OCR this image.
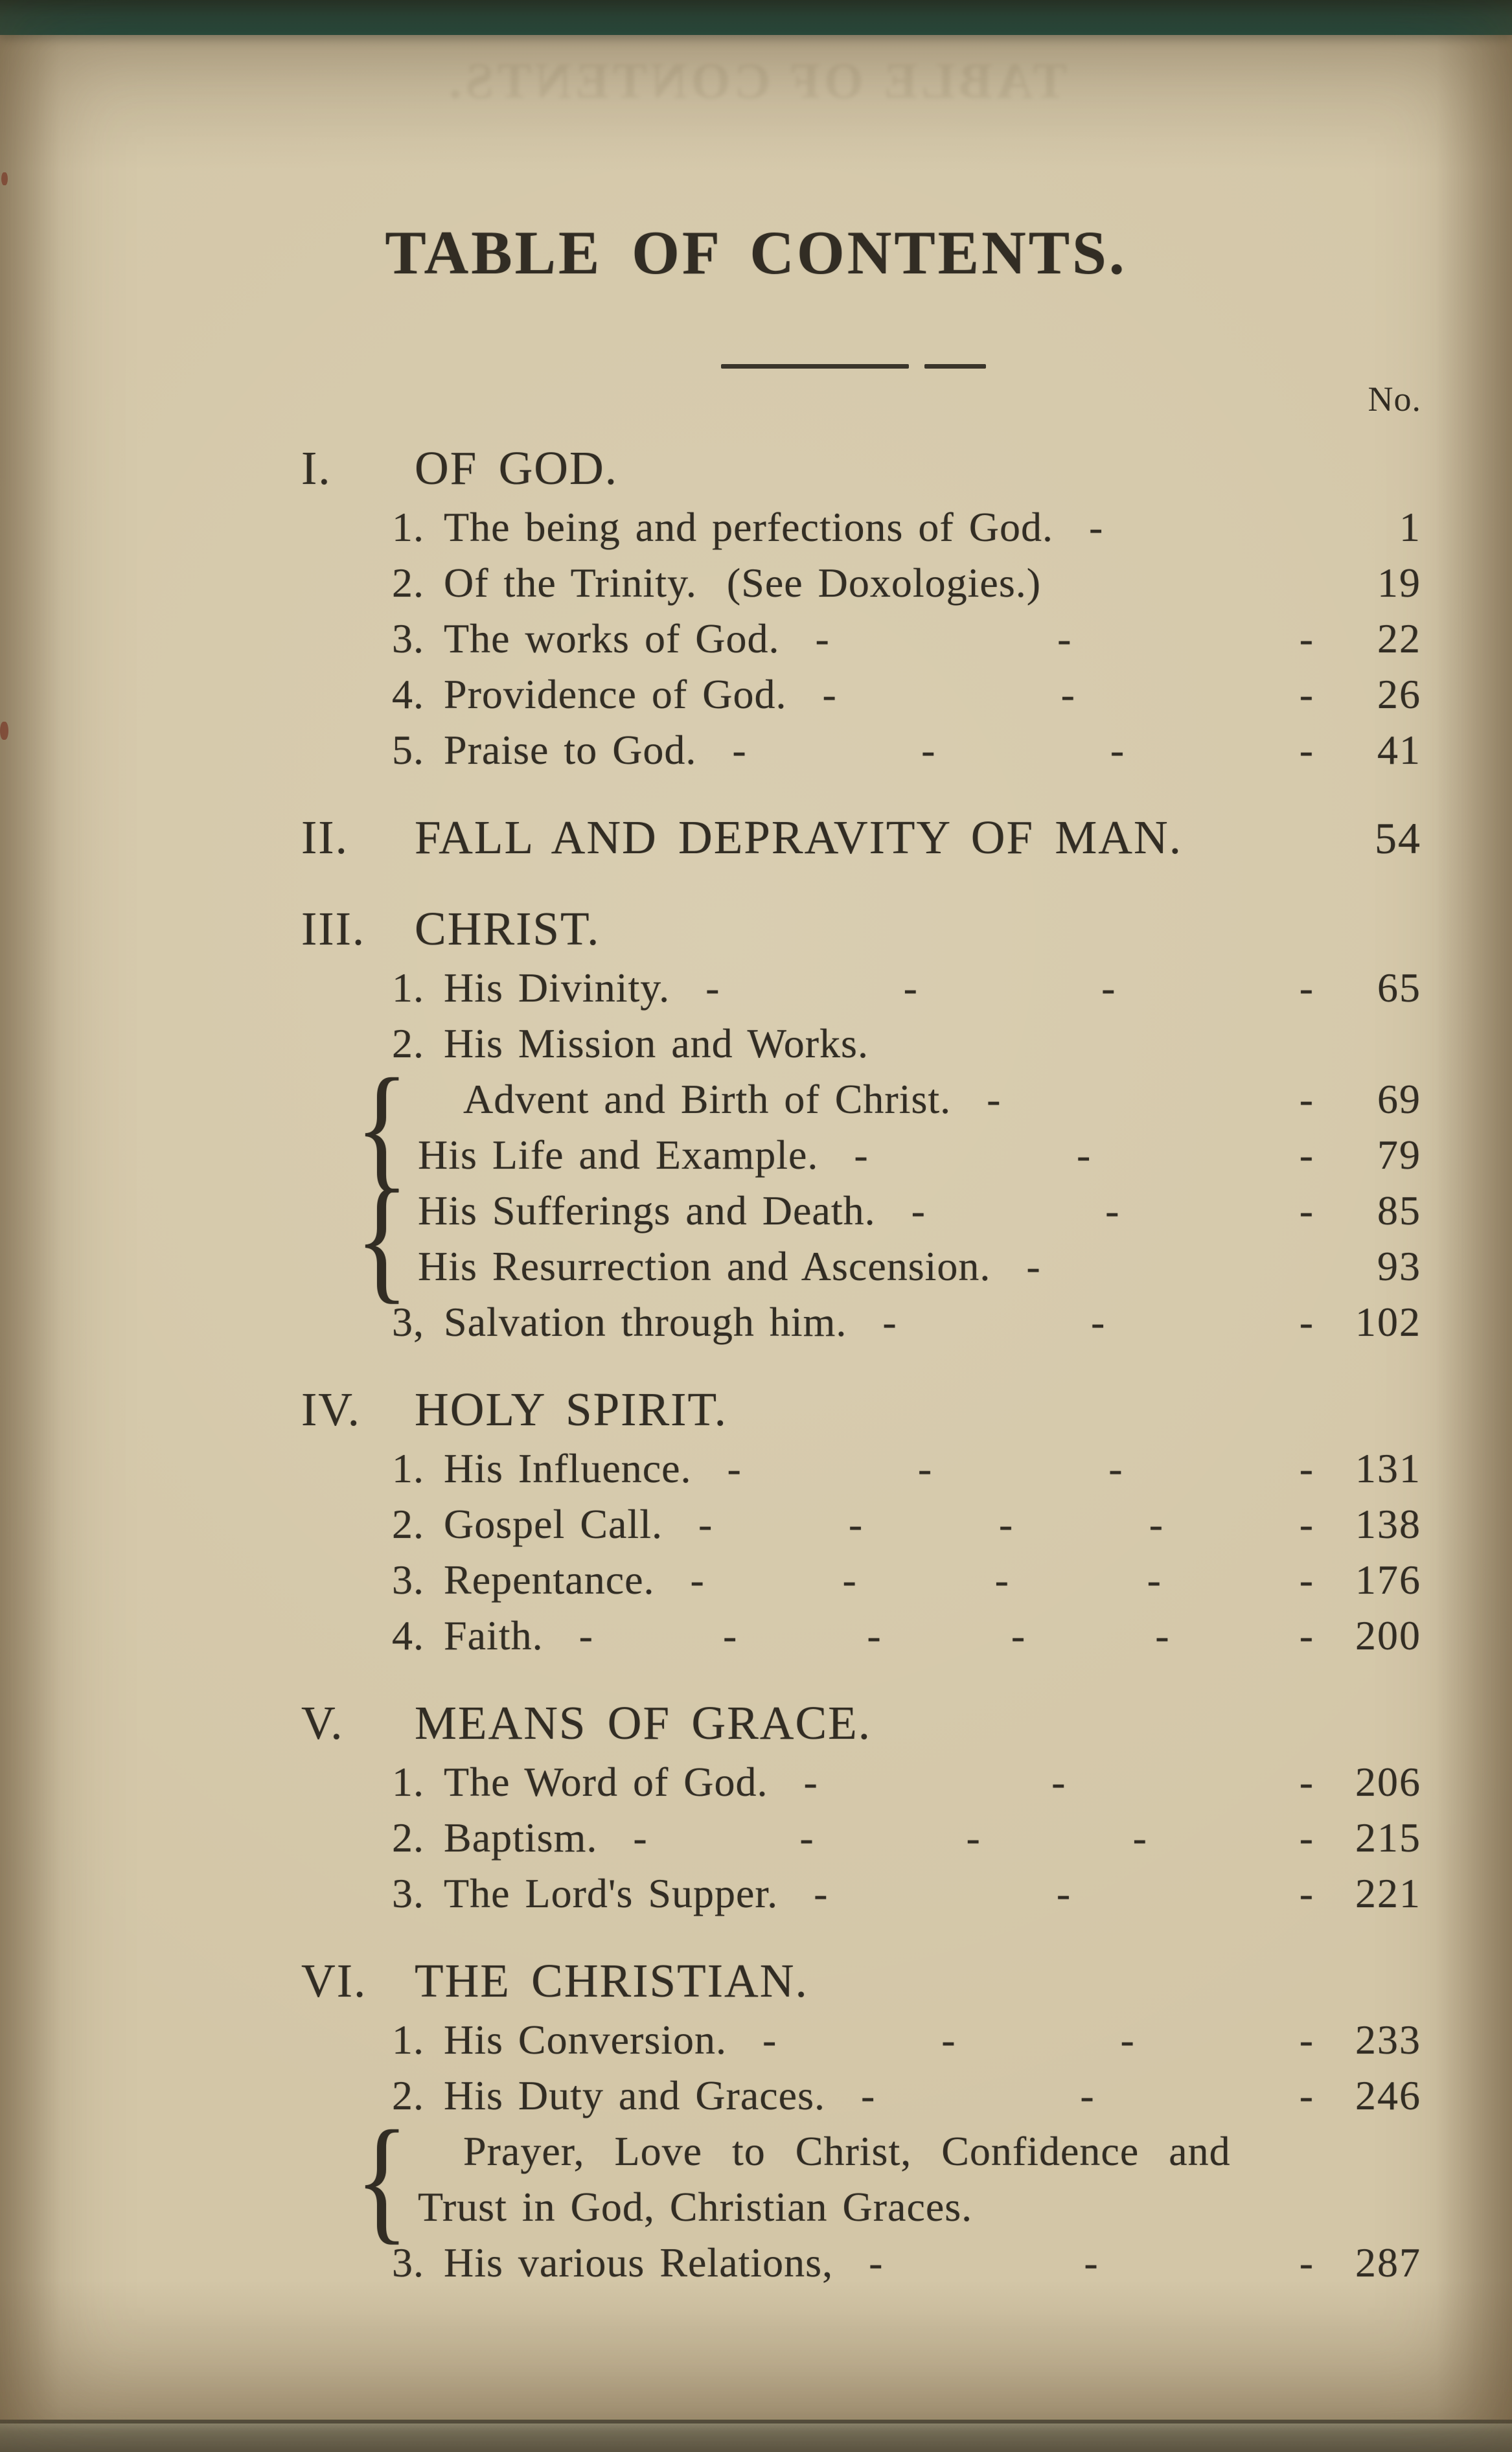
TABLE OF CONTENTS.
TABLE OF CONTENTS.
No.
I.	OF GOD.
1. The being and perfections of God. -	1
2. Of the Trinity.  (See Doxologies.)	19
3. The works of God. - - -	22
4. Providence of God. - - -	26
5. Praise to God. - - - -	41
II.	FALL AND DEPRAVITY OF MAN.	54
III.	CHRIST.
1. His Divinity. - - - -	65
2. His Mission and Works.
{ Advent and Birth of Christ. - -	69
His Life and Example. - - -	79
{ His Sufferings and Death. - - -	85
His Resurrection and Ascension. -	93
3, Salvation through him. - - - 102
IV.	HOLY SPIRIT.
1. His Influence. - - - - 131
2. Gospel Call. - - - - - 138
3. Repentance. - - - - - 176
4. Faith. - - - - - - 200
V.	MEANS OF GRACE.
1. The Word of God. - - - 206
2. Baptism. - - - - - 215
3. The Lord's Supper. - - - 221
VI.	THE CHRISTIAN.
1. His Conversion. - - - - 233
2. His Duty and Graces. - - - 246
{ Prayer,  Love  to  Christ,  Confidence  and
Trust in God, Christian Graces.
3. His various Relations, - - - 287
